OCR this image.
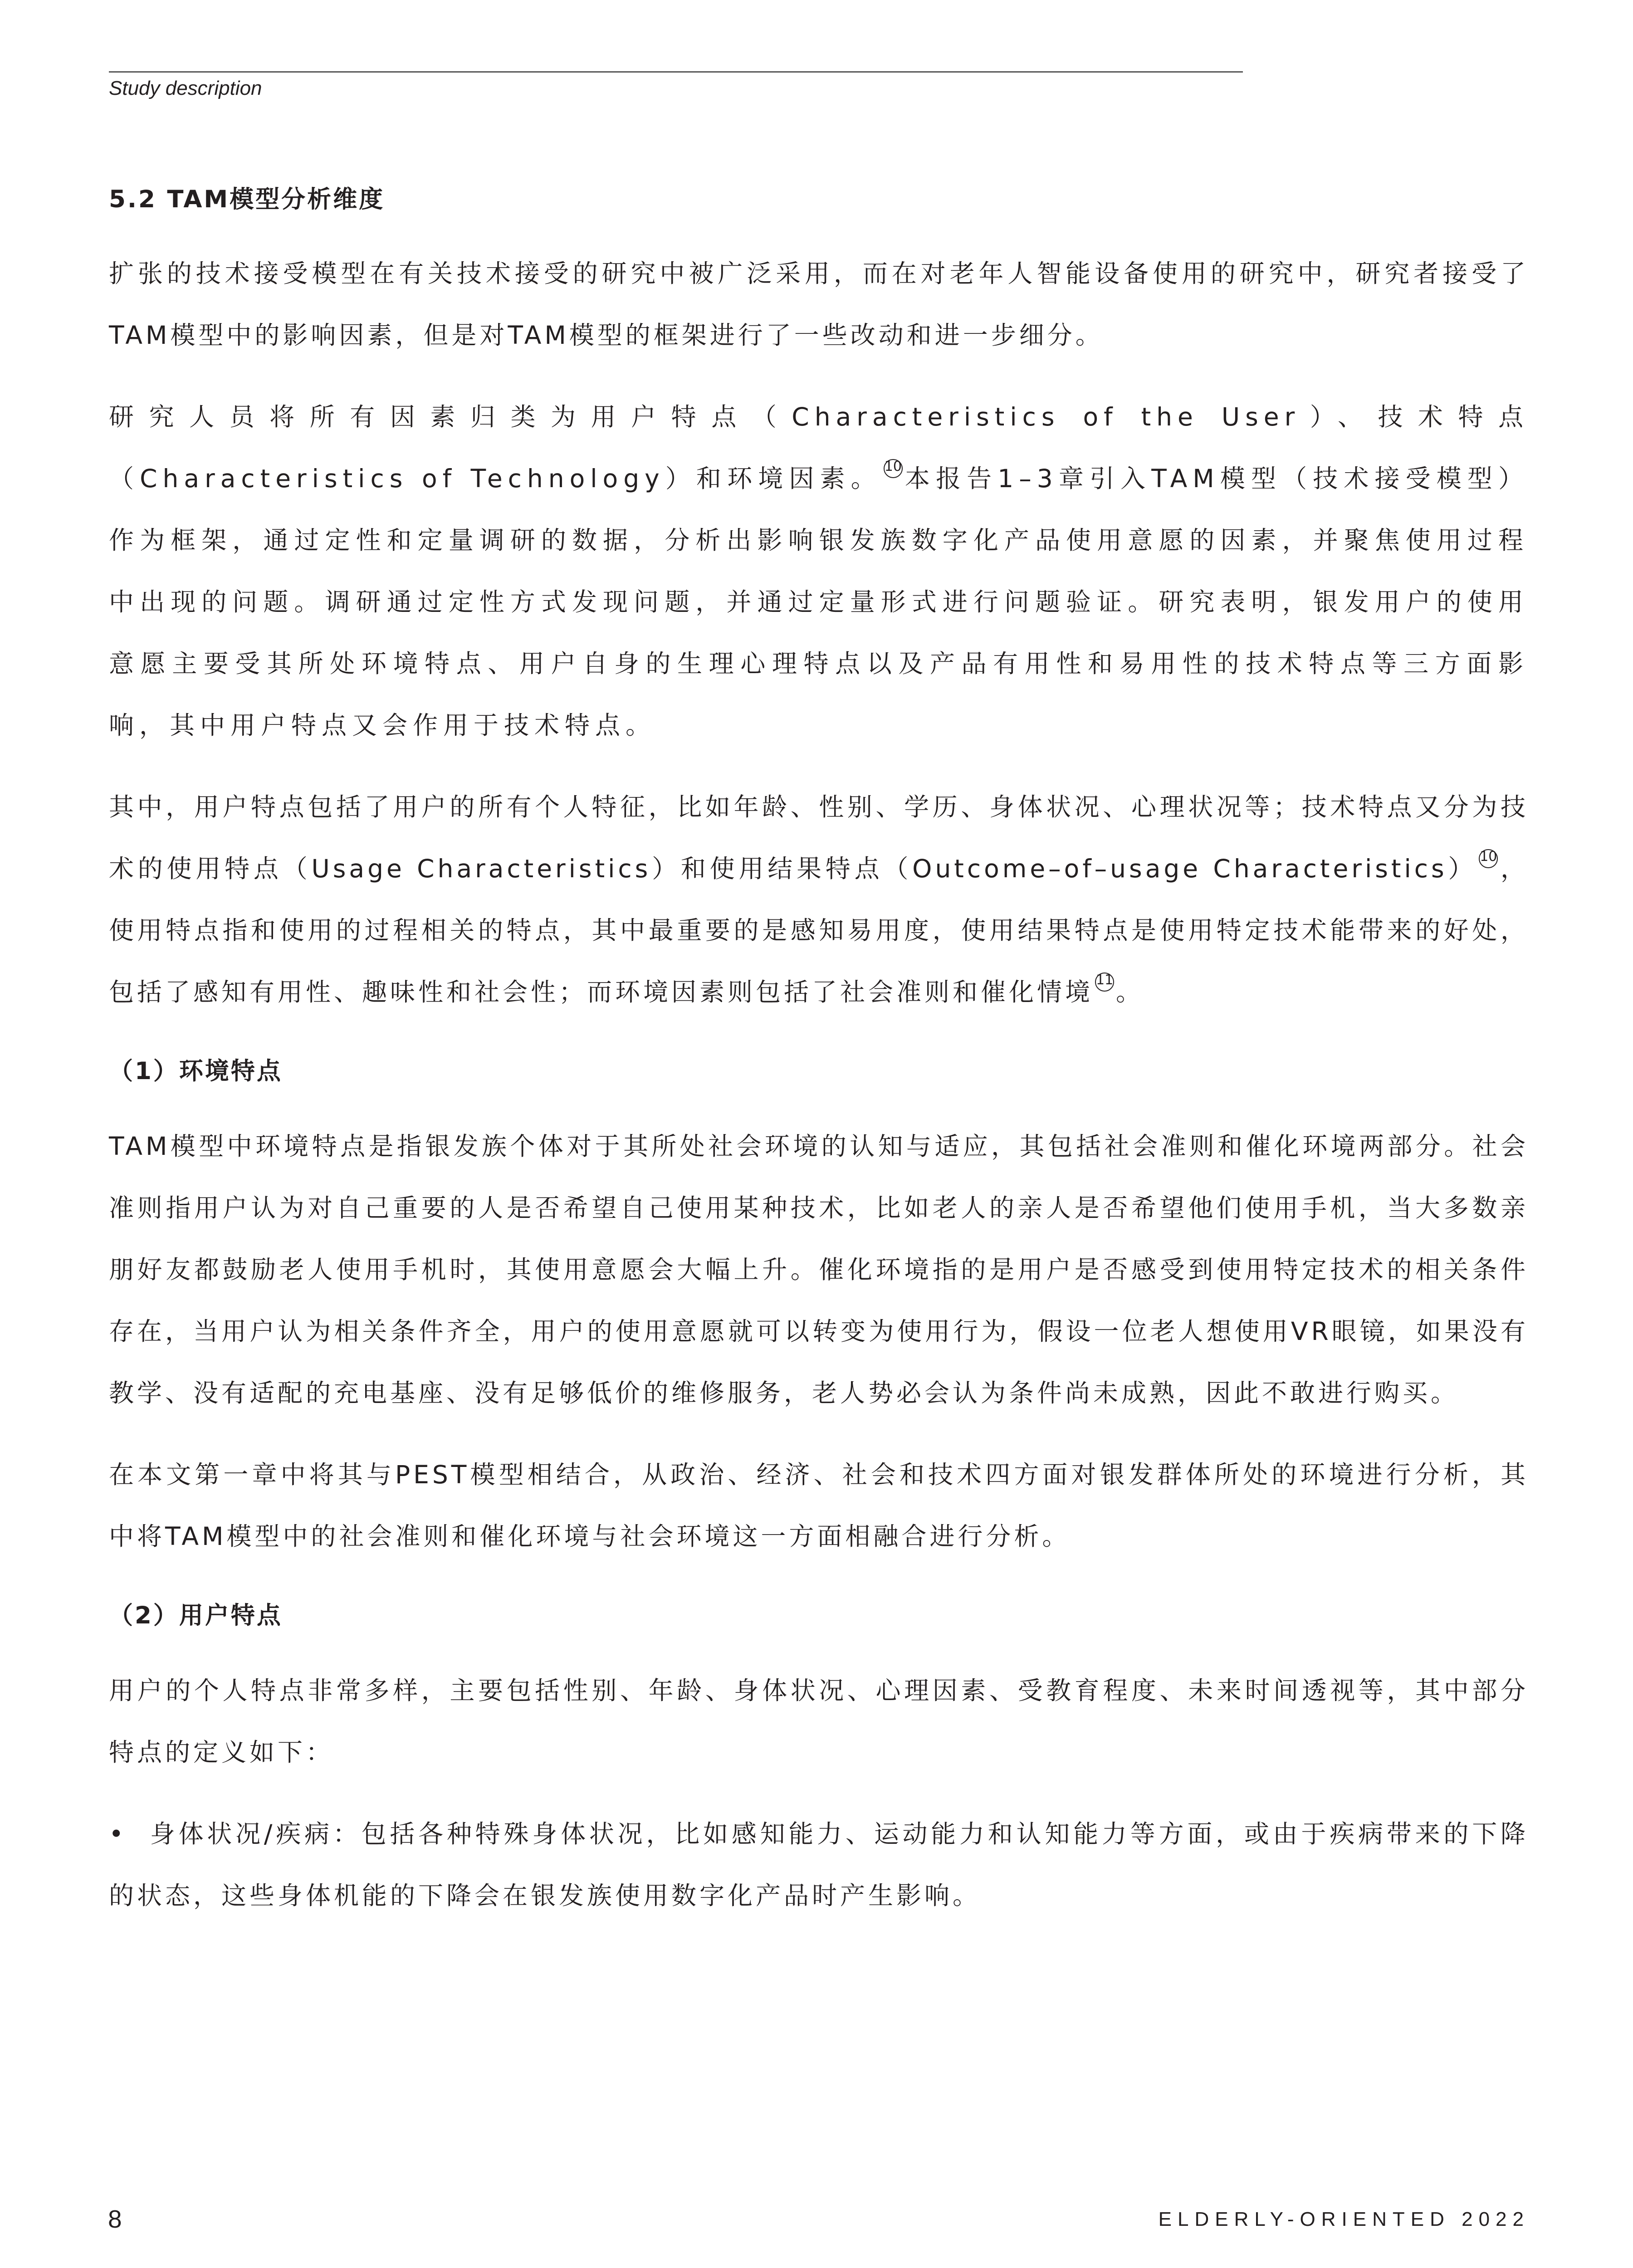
Study description
5.2 TAM模型分析维度

扩张的技术接受模型在有关技术接受的研究中被广泛采用，而在对老年人智能设备使用的研究中，研究者接受了TAM模型中的影响因素，但是对TAM模型的框架进行了一些改动和进一步细分。

研究人员将所有因素归类为用户特点（Characteristics of the User）、技术特点（Characteristics of Technology）和环境因素。 $^{10}$ 本报告1–3章引入TAM模型（技术接受模型）作为框架，通过定性和定量调研的数据，分析出影响银发族数字化产品使用意愿的因素，并聚焦使用过程中出现的问题。调研通过定性方式发现问题，并通过定量形式进行问题验证。研究表明，银发用户的使用意愿主要受其所处环境特点、用户自身的生理心理特点以及产品有用性和易用性的技术特点等三方面影响，其中用户特点又会作用于技术特点。

其中，用户特点包括了用户的所有个人特征，比如年龄、性别、学历、身体状况、心理状况等；技术特点又分为技术的使用特点（Usage Characteristics）和使用结果特点（Outcome–of–usage Characteristics） $^{10}$ ，使用特点指和使用的过程相关的特点，其中最重要的是感知易用度，使用结果特点是使用特定技术能带来的好处，包括了感知有用性、趣味性和社会性；而环境因素则包括了社会准则和催化情境 $^{11}$ 。

（1）环境特点

TAM模型中环境特点是指银发族个体对于其所处社会环境的认知与适应，其包括社会准则和催化环境两部分。社会准则指用户认为对自己重要的人是否希望自己使用某种技术，比如老人的亲人是否希望他们使用手机，当大多数亲朋好友都鼓励老人使用手机时，其使用意愿会大幅上升。催化环境指的是用户是否感受到使用特定技术的相关条件存在，当用户认为相关条件齐全，用户的使用意愿就可以转变为使用行为，假设一位老人想使用VR眼镜，如果没有教学、没有适配的充电基座、没有足够低价的维修服务，老人势必会认为条件尚未成熟，因此不敢进行购买。

在本文第一章中将其与PEST模型相结合，从政治、经济、社会和技术四方面对银发群体所处的环境进行分析，其中将TAM模型中的社会准则和催化环境与社会环境这一方面相融合进行分析。

（2）用户特点

用户的个人特点非常多样，主要包括性别、年龄、身体状况、心理因素、受教育程度、未来时间透视等，其中部分特点的定义如下：

• 身体状况/疾病：包括各种特殊身体状况，比如感知能力、运动能力和认知能力等方面，或由于疾病带来的下降的状态，这些身体机能的下降会在银发族使用数字化产品时产生影响。

8	ELDERLY-ORIENTED 2022
